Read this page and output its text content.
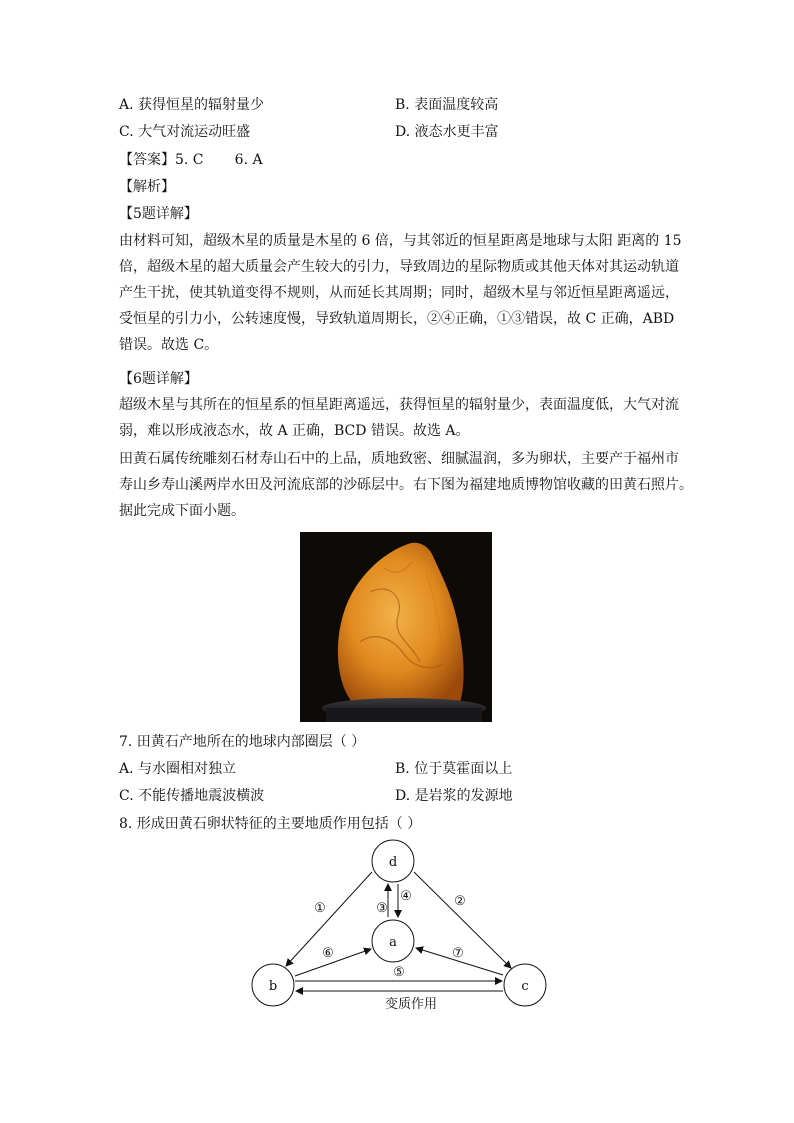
A. 获得恒星的辐射量少	B. 表面温度较高
C. 大气对流运动旺盛	D. 液态水更丰富
【答案】5. C       6. A
【解析】
【5题详解】
由材料可知，超级木星的质量是木星的 6 倍，与其邻近的恒星距离是地球与太阳 距离的 15
倍，超级木星的超大质量会产生较大的引力，导致周边的星际物质或其他天体对其运动轨道
产生干扰，使其轨道变得不规则，从而延长其周期；同时，超级木星与邻近恒星距离遥远，
受恒星的引力小，公转速度慢，导致轨道周期长，②④正确，①③错误，故 C 正确，ABD
错误。故选 C。
【6题详解】
超级木星与其所在的恒星系的恒星距离遥远，获得恒星的辐射量少，表面温度低，大气对流
弱，难以形成液态水，故 A 正确，BCD 错误。故选 A。
田黄石属传统雕刻石材寿山石中的上品，质地致密、细腻温润，多为卵状，主要产于福州市
寿山乡寿山溪两岸水田及河流底部的沙砾层中。右下图为福建地质博物馆收藏的田黄石照片。
据此完成下面小题。
7. 田黄石产地所在的地球内部圈层（ ）
A. 与水圈相对独立	B. 位于莫霍面以上
C. 不能传播地震波横波	D. 是岩浆的发源地
8. 形成田黄石卵状特征的主要地质作用包括（ ）
d
a
b	c
①	②
③
④
⑥	⑦
⑤
变质作用
